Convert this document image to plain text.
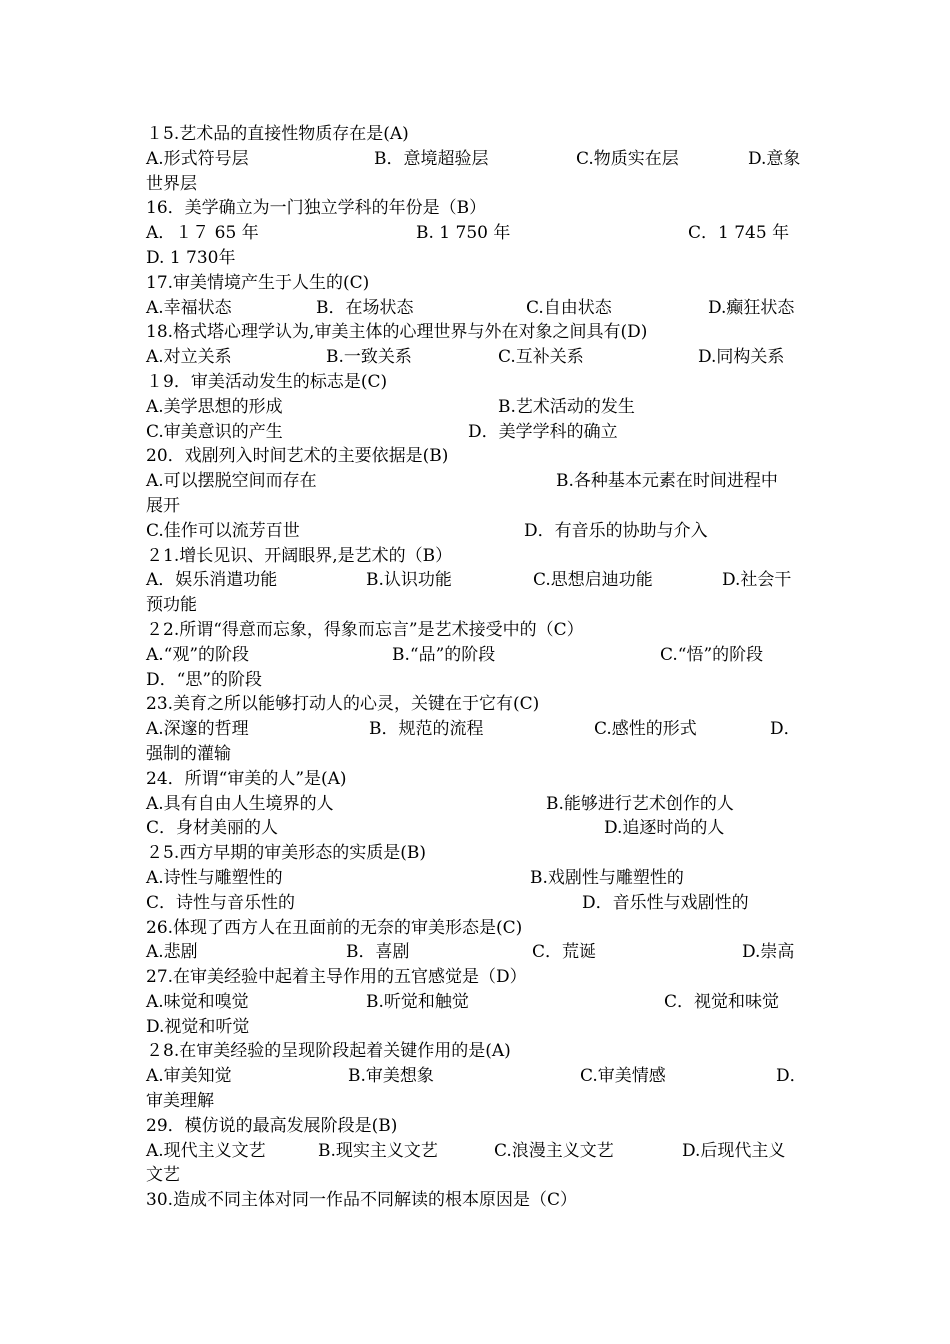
１5.艺术品的直接性物质存在是(A)
A.形式符号层	B．意境超验层	C.物质实在层	D.意象
世界层
16．美学确立为一门独立学科的年份是（B）
A．１７ 65 年	B. 1 750 年	C．1 745 年
D. 1 730年
17.审美情境产生于人生的(C)
A.幸福状态	B．在场状态	C.自由状态	D.癫狂状态
18.格式塔心理学认为,审美主体的心理世界与外在对象之间具有(D)
A.对立关系	B.一致关系	C.互补关系	D.同构关系
１9．审美活动发生的标志是(C)
A.美学思想的形成	B.艺术活动的发生
C.审美意识的产生	D．美学学科的确立
20．戏剧列入时间艺术的主要依据是(B)
A.可以摆脱空间而存在	B.各种基本元素在时间进程中
展开
C.佳作可以流芳百世	D．有音乐的协助与介入
２1.增长见识、开阔眼界,是艺术的（B）
A．娱乐消遣功能	B.认识功能	C.思想启迪功能	D.社会干
预功能
２2.所谓“得意而忘象，得象而忘言”是艺术接受中的（C）
A.“观”的阶段	B.“品”的阶段	C.“悟”的阶段
D．“思”的阶段
23.美育之所以能够打动人的心灵，关键在于它有(C)
A.深邃的哲理	B．规范的流程	C.感性的形式	D．
强制的灌输
24．所谓“审美的人”是(A)
A.具有自由人生境界的人	B.能够进行艺术创作的人
C．身材美丽的人	D.追逐时尚的人
２5.西方早期的审美形态的实质是(B)
A.诗性与雕塑性的	B.戏剧性与雕塑性的
C．诗性与音乐性的	D．音乐性与戏剧性的
26.体现了西方人在丑面前的无奈的审美形态是(C)
A.悲剧	B．喜剧	C．荒诞	D.崇高
27.在审美经验中起着主导作用的五官感觉是（D）
A.味觉和嗅觉	B.听觉和触觉	C．视觉和味觉
D.视觉和听觉
２8.在审美经验的呈现阶段起着关键作用的是(A)
A.审美知觉	B.审美想象	C.审美情感	D．
审美理解
29．模仿说的最高发展阶段是(B)
A.现代主义文艺	B.现实主义文艺	C.浪漫主义文艺	D.后现代主义
文艺
30.造成不同主体对同一作品不同解读的根本原因是（C）
